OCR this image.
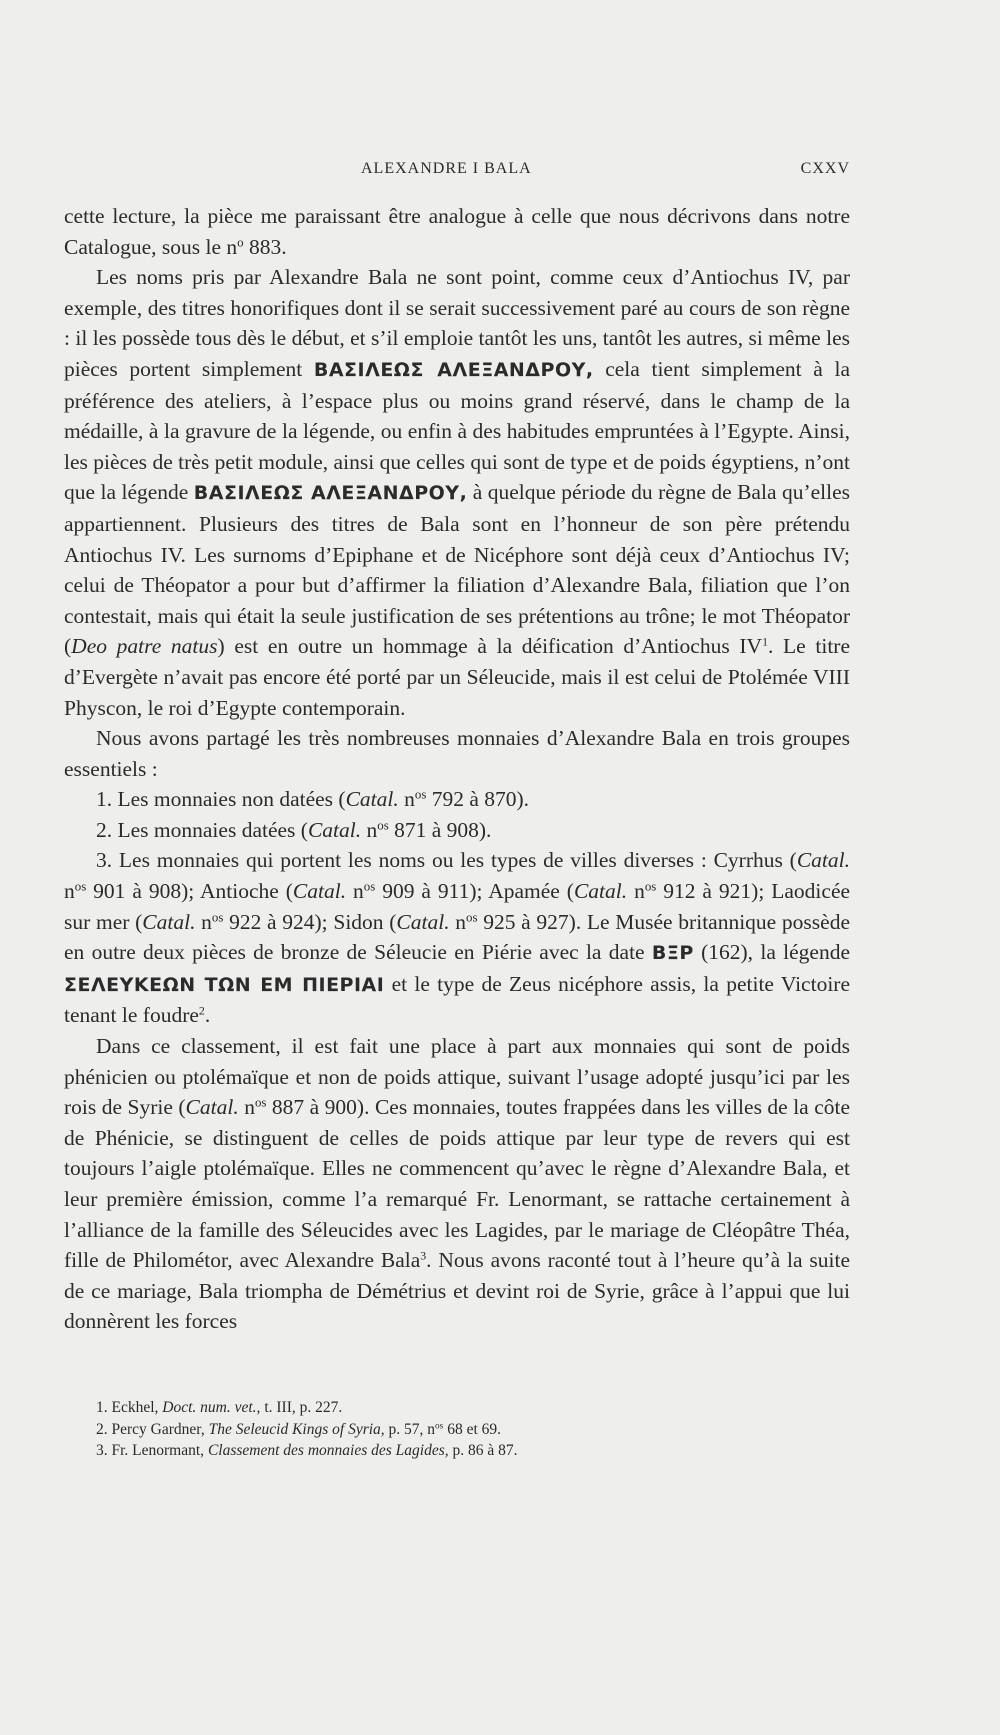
ALEXANDRE I BALA	CXXV

cette lecture, la pièce me paraissant être analogue à celle que nous décrivons dans notre Catalogue, sous le $n^o$ 883.

Les noms pris par Alexandre Bala ne sont point, comme ceux d’Antiochus IV, par exemple, des titres honorifiques dont il se serait successivement paré au cours de son règne : il les possède tous dès le début, et s’il emploie tantôt les uns, tantôt les autres, si même les pièces portent simplement ΒΑΣΙΛΕΩΣ ΑΛΕΞΑΝΔΡΟΥ, cela tient simplement à la préférence des ateliers, à l’espace plus ou moins grand réservé, dans le champ de la médaille, à la gravure de la légende, ou enfin à des habitudes empruntées à l’Egypte. Ainsi, les pièces de très petit module, ainsi que celles qui sont de type et de poids égyptiens, n’ont que la légende ΒΑΣΙΛΕΩΣ ΑΛΕΞΑΝΔΡΟΥ, à quelque période du règne de Bala qu’elles appartiennent. Plusieurs des titres de Bala sont en l’honneur de son père prétendu Antiochus IV. Les surnoms d’Epiphane et de Nicéphore sont déjà ceux d’Antiochus IV; celui de Théopator a pour but d’affirmer la filiation d’Alexandre Bala, filiation que l’on contestait, mais qui était la seule justification de ses prétentions au trône; le mot Théopator (Deo patre natus) est en outre un hommage à la déification d’Antiochus IV$^1$. Le titre d’Evergète n’avait pas encore été porté par un Séleucide, mais il est celui de Ptolémée VIII Physcon, le roi d’Egypte contemporain.

Nous avons partagé les très nombreuses monnaies d’Alexandre Bala en trois groupes essentiels :

1. Les monnaies non datées (Catal. $n^{os}$ 792 à 870).

2. Les monnaies datées (Catal. $n^{os}$ 871 à 908).

3. Les monnaies qui portent les noms ou les types de villes diverses : Cyrrhus (Catal. $n^{os}$ 901 à 908); Antioche (Catal. $n^{os}$ 909 à 911); Apamée (Catal. $n^{os}$ 912 à 921); Laodicée sur mer (Catal. $n^{os}$ 922 à 924); Sidon (Catal. $n^{os}$ 925 à 927). Le Musée britannique possède en outre deux pièces de bronze de Séleucie en Piérie avec la date ΒΞΡ (162), la légende ΣΕΛΕΥΚΕΩΝ ΤΩΝ ΕΜ ΠΙΕΡΙΑΙ et le type de Zeus nicéphore assis, la petite Victoire tenant le foudre$^2$.

Dans ce classement, il est fait une place à part aux monnaies qui sont de poids phénicien ou ptolémaïque et non de poids attique, suivant l’usage adopté jusqu’ici par les rois de Syrie (Catal. $n^{os}$ 887 à 900). Ces monnaies, toutes frappées dans les villes de la côte de Phénicie, se distinguent de celles de poids attique par leur type de revers qui est toujours l’aigle ptolémaïque. Elles ne commencent qu’avec le règne d’Alexandre Bala, et leur première émission, comme l’a remarqué Fr. Lenormant, se rattache certainement à l’alliance de la famille des Séleucides avec les Lagides, par le mariage de Cléopâtre Théa, fille de Philométor, avec Alexandre Bala$^3$. Nous avons raconté tout à l’heure qu’à la suite de ce mariage, Bala triompha de Démétrius et devint roi de Syrie, grâce à l’appui que lui donnèrent les forces

1. Eckhel, Doct. num. vet., t. III, p. 227.
2. Percy Gardner, The Seleucid Kings of Syria, p. 57, $n^{os}$ 68 et 69.
3. Fr. Lenormant, Classement des monnaies des Lagides, p. 86 à 87.
